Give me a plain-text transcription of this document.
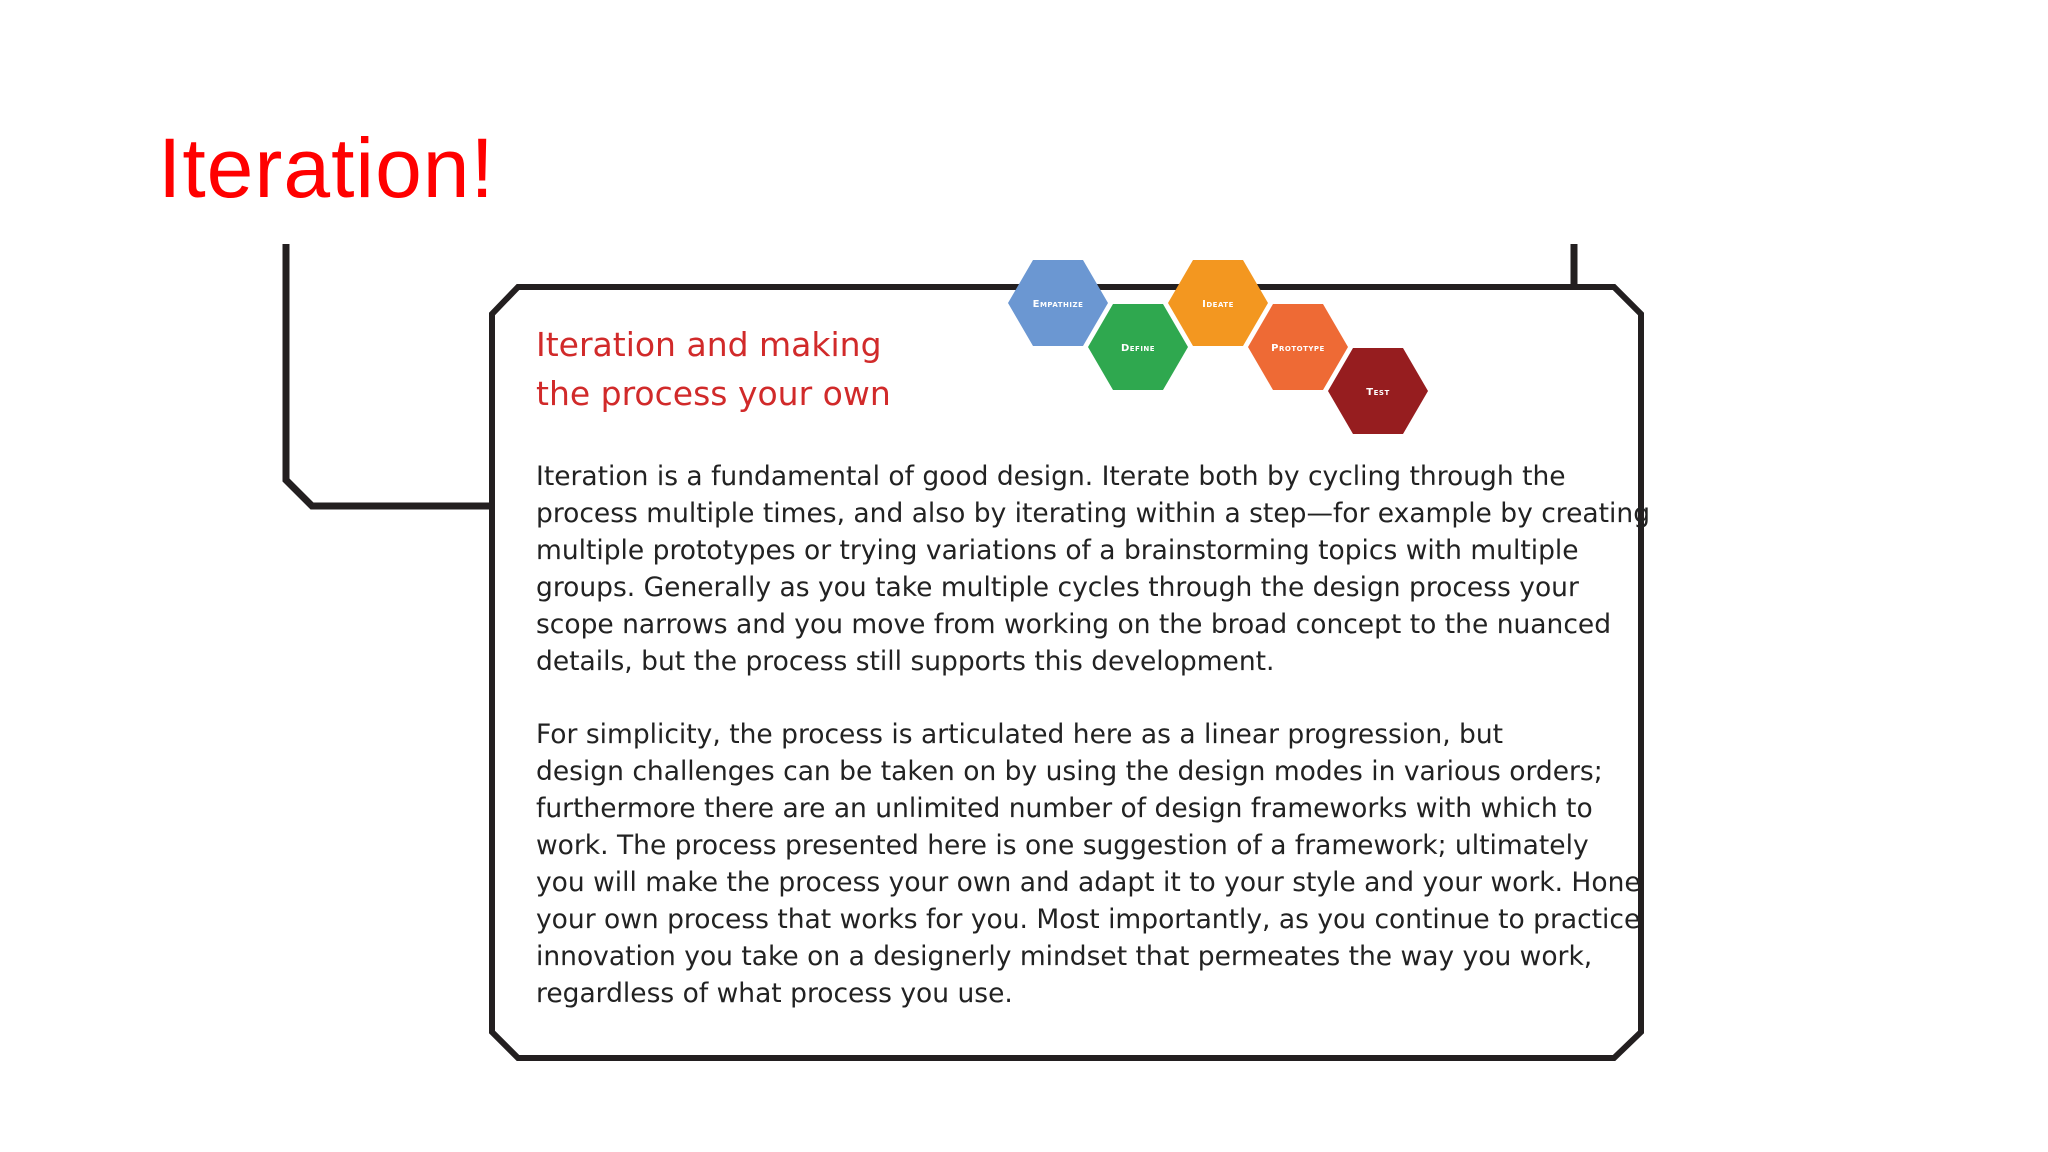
Iteration!
Iteration and making
the process your own
Empathize
Define
Ideate
Prototype
Test

Iteration is a fundamental of good design. Iterate both by cycling through the
process multiple times, and also by iterating within a step—for example by creating
multiple prototypes or trying variations of a brainstorming topics with multiple
groups. Generally as you take multiple cycles through the design process your
scope narrows and you move from working on the broad concept to the nuanced
details, but the process still supports this development.

For simplicity, the process is articulated here as a linear progression, but
design challenges can be taken on by using the design modes in various orders;
furthermore there are an unlimited number of design frameworks with which to
work. The process presented here is one suggestion of a framework; ultimately
you will make the process your own and adapt it to your style and your work. Hone
your own process that works for you. Most importantly, as you continue to practice
innovation you take on a designerly mindset that permeates the way you work,
regardless of what process you use.
